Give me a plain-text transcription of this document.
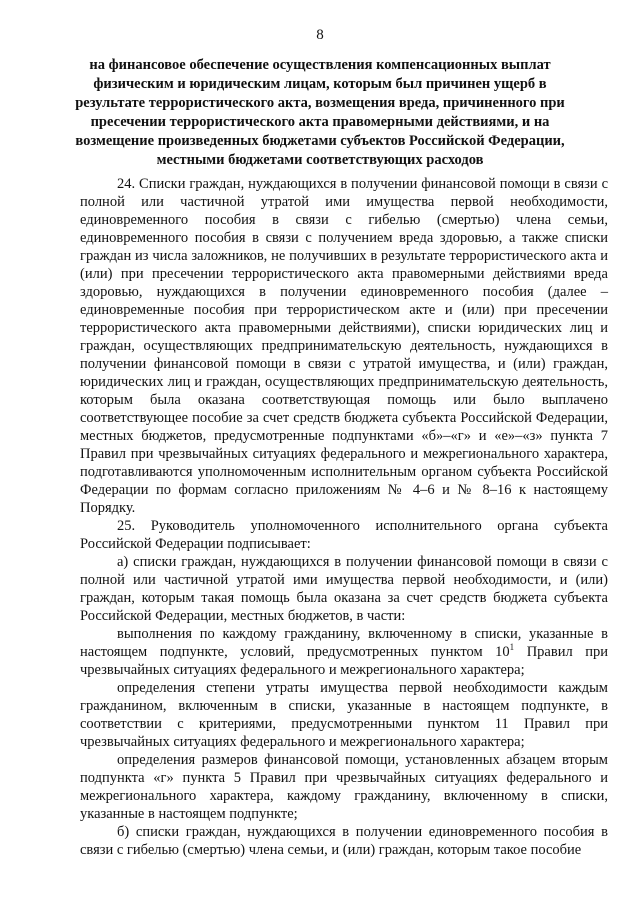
8
на финансовое обеспечение осуществления компенсационных выплат физическим и юридическим лицам, которым был причинен ущерб в результате террористического акта, возмещения вреда, причиненного при пресечении террористического акта правомерными действиями, и на возмещение произведенных бюджетами субъектов Российской Федерации, местными бюджетами соответствующих расходов

24. Списки граждан, нуждающихся в получении финансовой помощи в связи с полной или частичной утратой ими имущества первой необходимости, единовременного пособия в связи с гибелью (смертью) члена семьи, единовременного пособия в связи с получением вреда здоровью, а также списки граждан из числа заложников, не получивших в результате террористического акта и (или) при пресечении террористического акта правомерными действиями вреда здоровью, нуждающихся в получении единовременного пособия (далее – единовременные пособия при террористическом акте и (или) при пресечении террористического акта правомерными действиями), списки юридических лиц и граждан, осуществляющих предпринимательскую деятельность, нуждающихся в получении финансовой помощи в связи с утратой имущества, и (или) граждан, юридических лиц и граждан, осуществляющих предпринимательскую деятельность, которым была оказана соответствующая помощь или было выплачено соответствующее пособие за счет средств бюджета субъекта Российской Федерации, местных бюджетов, предусмотренные подпунктами «б»–«г» и «е»–«з» пункта 7 Правил при чрезвычайных ситуациях федерального и межрегионального характера, подготавливаются уполномоченным исполнительным органом субъекта Российской Федерации по формам согласно приложениям № 4–6 и № 8–16 к настоящему Порядку.

25. Руководитель уполномоченного исполнительного органа субъекта Российской Федерации подписывает:

а) списки граждан, нуждающихся в получении финансовой помощи в связи с полной или частичной утратой ими имущества первой необходимости, и (или) граждан, которым такая помощь была оказана за счет средств бюджета субъекта Российской Федерации, местных бюджетов, в части:

выполнения по каждому гражданину, включенному в списки, указанные в настоящем подпункте, условий, предусмотренных пунктом $10^1$ Правил при чрезвычайных ситуациях федерального и межрегионального характера;

определения степени утраты имущества первой необходимости каждым гражданином, включенным в списки, указанные в настоящем подпункте, в соответствии с критериями, предусмотренными пунктом 11 Правил при чрезвычайных ситуациях федерального и межрегионального характера;

определения размеров финансовой помощи, установленных абзацем вторым подпункта «г» пункта 5 Правил при чрезвычайных ситуациях федерального и межрегионального характера, каждому гражданину, включенному в списки, указанные в настоящем подпункте;

б) списки граждан, нуждающихся в получении единовременного пособия в связи с гибелью (смертью) члена семьи, и (или) граждан, которым такое пособие
